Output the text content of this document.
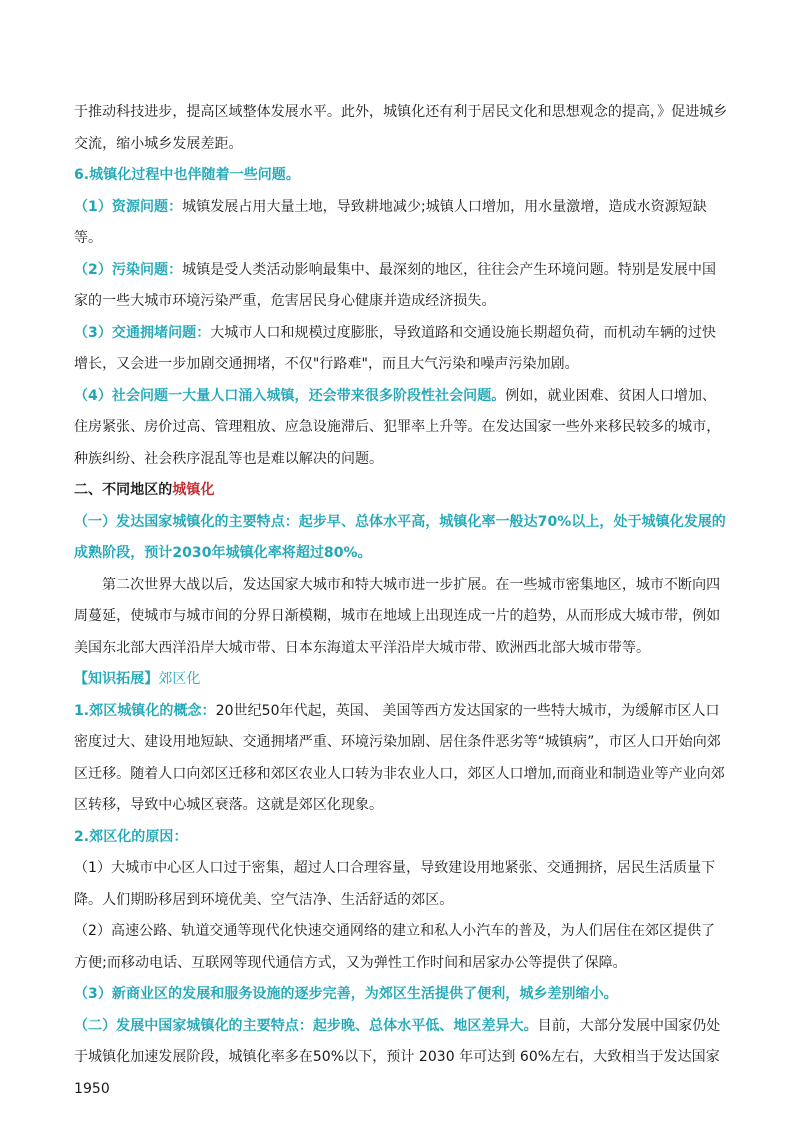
于推动科技进步，提高区域整体发展水平。此外，城镇化还有利于居民文化和思想观念的提高，》促进城乡交流，缩小城乡发展差距。

6.城镇化过程中也伴随着一些问题。

（1）资源问题：城镇发展占用大量土地，导致耕地减少;城镇人口增加，用水量激增，造成水资源短缺等。

（2）污染问题：城镇是受人类活动影响最集中、最深刻的地区，往往会产生环境问题。特别是发展中国家的一些大城市环境污染严重，危害居民身心健康并造成经济损失。

（3）交通拥堵问题：大城市人口和规模过度膨胀，导致道路和交通设施长期超负荷，而机动车辆的过快增长，又会进一步加剧交通拥堵，不仅"行路难"，而且大气污染和噪声污染加剧。

（4）社会问题一大量人口涌入城镇，还会带来很多阶段性社会问题。例如，就业困难、贫困人口增加、住房紧张、房价过高、管理粗放、应急设施滞后、犯罪率上升等。在发达国家一些外来移民较多的城市，种族纠纷、社会秩序混乱等也是难以解决的问题。

二、不同地区的城镇化

（一）发达国家城镇化的主要特点：起步早、总体水平高，城镇化率一般达70%以上，处于城镇化发展的成熟阶段，预计2030年城镇化率将超过80%。

第二次世界大战以后，发达国家大城市和特大城市进一步扩展。在一些城市密集地区，城市不断向四周蔓延，使城市与城市间的分界日渐模糊，城市在地域上出现连成一片的趋势，从而形成大城市带，例如美国东北部大西洋沿岸大城市带、日本东海道太平洋沿岸大城市带、欧洲西北部大城市带等。

【知识拓展】郊区化

1.郊区城镇化的概念：20世纪50年代起，英国、 美国等西方发达国家的一些特大城市，为缓解市区人口密度过大、建设用地短缺、交通拥堵严重、环境污染加剧、居住条件恶劣等“城镇病”，市区人口开始向郊区迁移。随着人口向郊区迁移和郊区农业人口转为非农业人口，郊区人口增加,而商业和制造业等产业向郊区转移，导致中心城区衰落。这就是郊区化现象。

2.郊区化的原因：

（1）大城市中心区人口过于密集，超过人口合理容量，导致建设用地紧张、交通拥挤，居民生活质量下降。人们期盼移居到环境优美、空气洁净、生活舒适的郊区。

（2）高速公路、轨道交通等现代化快速交通网络的建立和私人小汽车的普及，为人们居住在郊区提供了方便;而移动电话、互联网等现代通信方式，又为弹性工作时间和居家办公等提供了保障。

（3）新商业区的发展和服务设施的逐步完善，为郊区生活提供了便利，城乡差别缩小。

（二）发展中国家城镇化的主要特点：起步晚、总体水平低、地区差异大。目前，大部分发展中国家仍处于城镇化加速发展阶段，城镇化率多在50%以下，预计 2030 年可达到 60%左右，大致相当于发达国家 1950
